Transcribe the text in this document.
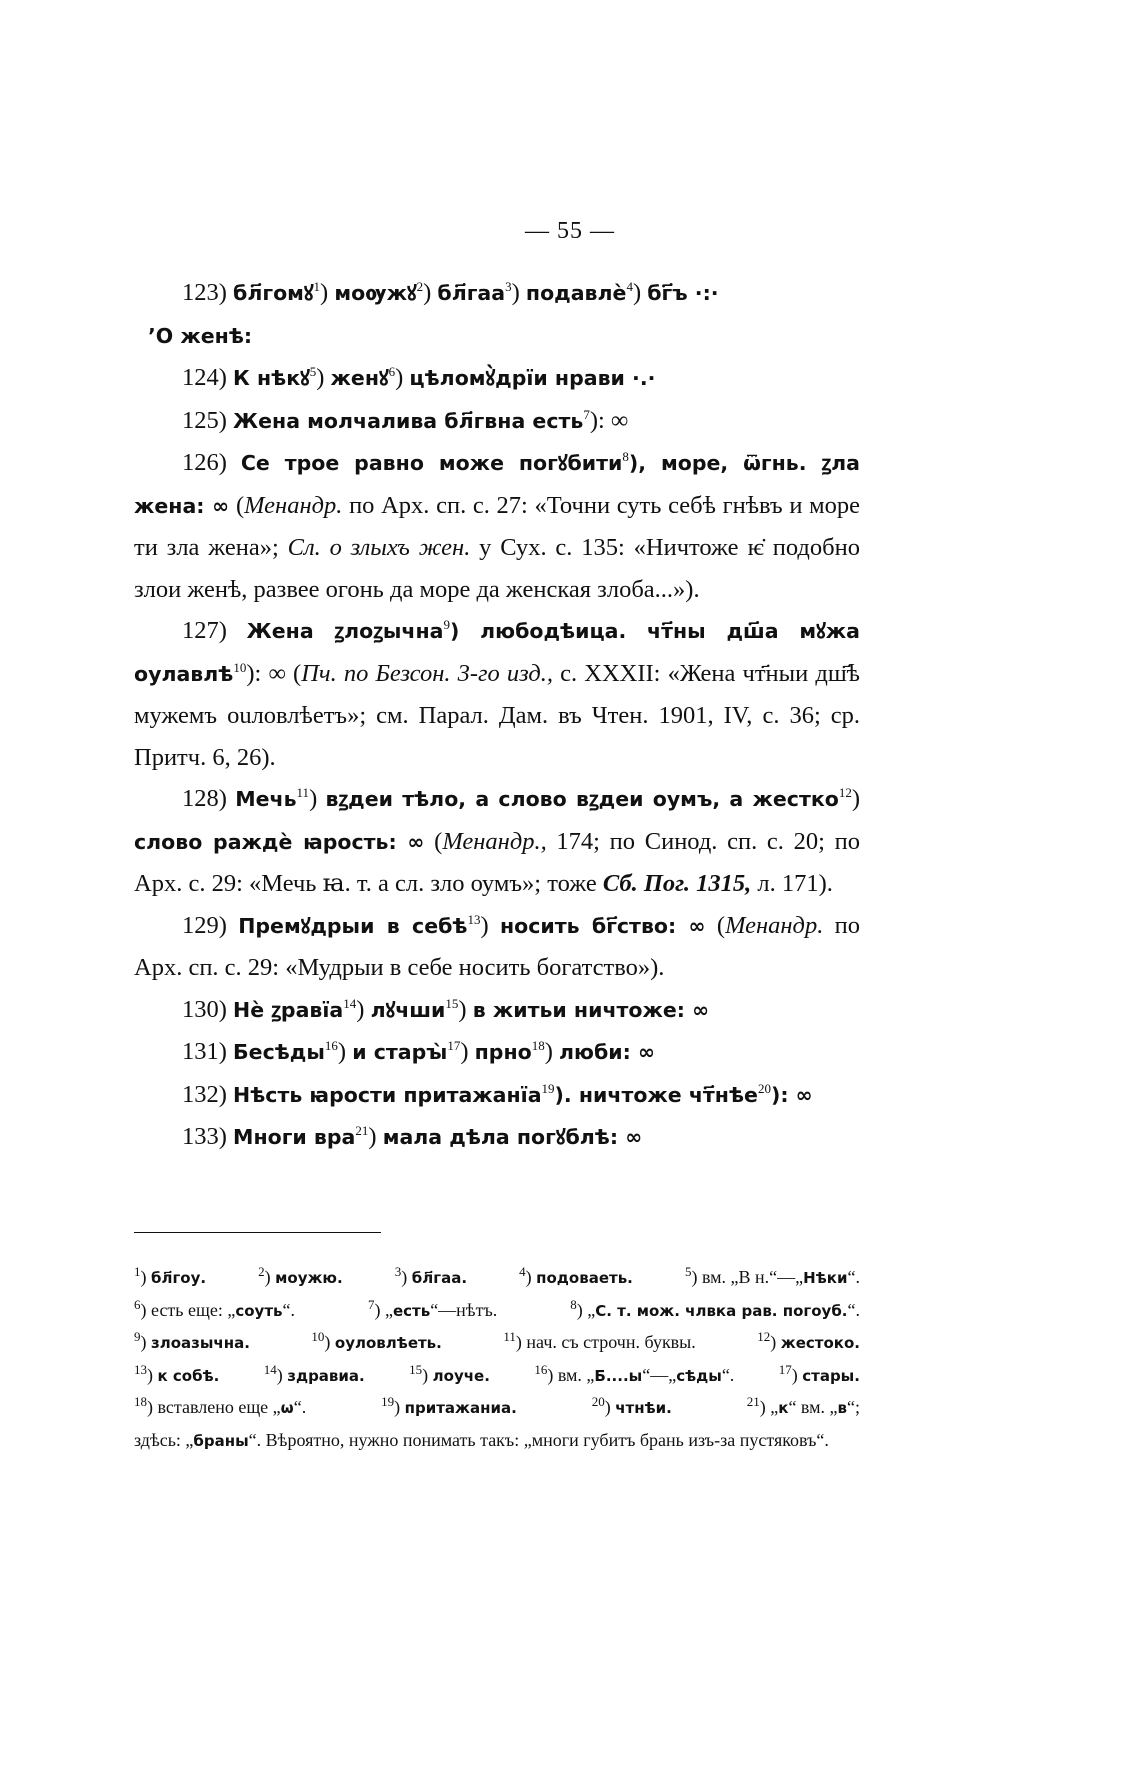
— 55 —

123) бл҃гомꙋ$^1$) моѹжꙋ$^2$) бл҃гаа$^3$) подавлѐ$^4$) бг҃ъ ·:·

’О женѣ:

124) К нѣкꙋ$^5$) женꙋ$^6$) цѣломꙋ̀дрїи нрави ·.·

125) Жена молчалива бл҃гвна есть$^7$): ∞

126) Се трое равно може погꙋбити$^8$), море, ѿгнь. ꙁла жена: ∞ (Менандр. по Арх. сп. с. 27: «Точни суть себѣ гнѣвъ и море ти зла жена»; Сл. о злыхъ жен. у Сух. с. 135: «Ничтоже ѥ̇ подобно злои женѣ, развее огонь да море да женская злоба...»).

127) Жена ꙁлоꙁычна$^9$) любодѣица. чт҃ны дш҃а мꙋжа оулавлѣ$^{10}$): ∞ (Пч. по Безсон. 3-го изд., с. XXXII: «Жена чт҃ныи дш҃ѣ мужемъ ouловлѣетъ»; см. Парал. Дам. въ Чтен. 1901, IV, с. 36; ср. Притч. 6, 26).

128) Мечь$^{11}$) вꙁдеи тѣло, а слово вꙁдеи оумъ, а жестко$^{12}$) слово раждѐ ꙗрость: ∞ (Менандр., 174; по Синод. сп. с. 20; по Арх. с. 29: «Мечь ꙗ. т. а сл. зло оумъ»; тоже Сб. Пог. 1315, л. 171).

129) Премꙋдрыи в себѣ$^{13}$) носить бг҃ство: ∞ (Менандр. по Арх. сп. с. 29: «Мудрыи в себе носить богатство»).

130) Нѐ ꙁравїа$^{14}$) лꙋчши$^{15}$) в житьи ничтоже: ∞

131) Бесѣды$^{16}$) и старꙑ̀$^{17}$) прно$^{18}$) люби: ∞

132) Нѣсть ꙗрости притажанїа$^{19}$). ничтоже чт҃нѣе$^{20}$): ∞

133) Многи вра$^{21}$) мала дѣла погꙋблѣ: ∞

$^1$) бл҃гоу.	$^2$) моужю.	$^3$) бл҃гаа.	$^4$) подоваеть.	$^5$) вм. „В н.“—„Нѣки“.
$^6$) есть еще: „соуть“.	$^7$) „есть“—нѣтъ.	$^8$) „С. т. мож. члвка рав. погоуб.“.
$^9$) злоазычна.	$^{10}$) оуловлѣеть.	$^{11}$) нач. съ строчн. буквы.	$^{12}$) жестоко.
$^{13}$) к собѣ.	$^{14}$) здравиа.	$^{15}$) лоуче.	$^{16}$) вм. „Б....ы“—„сѣды“.	$^{17}$) стары.
$^{18}$) вставлено еще „ѡ“.	$^{19}$) притажаниа.	$^{20}$) чтнѣи.	$^{21}$) „к“ вм. „в“;
здѣсь: „браны“. Вѣроятно, нужно понимать такъ: „многи губитъ брань изъ-за пустяковъ“.
